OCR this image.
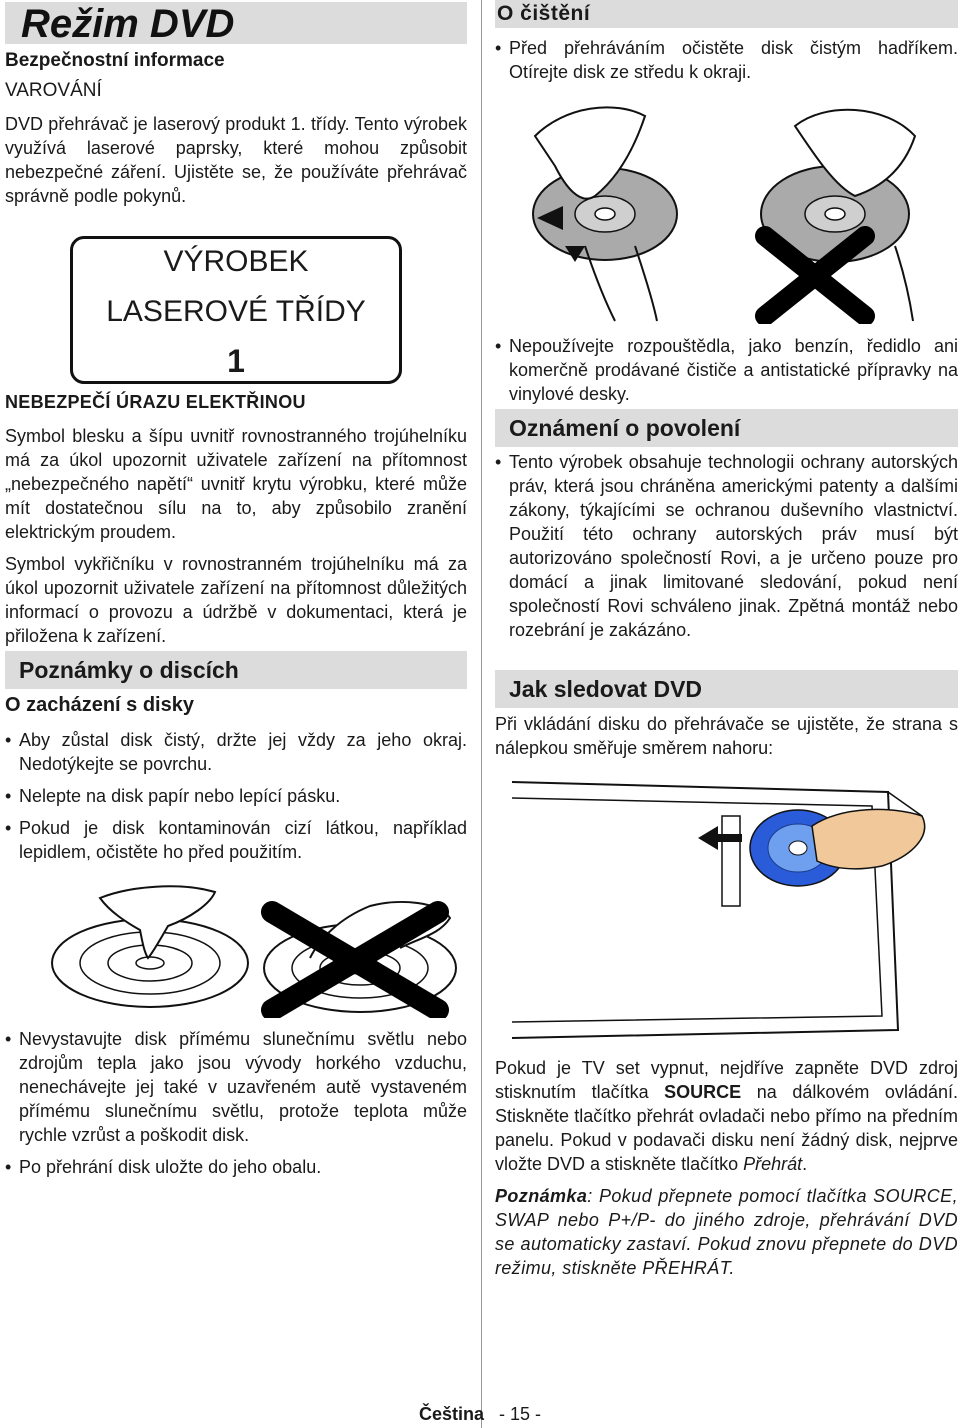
Režim DVD
Bezpečnostní informace
VAROVÁNÍ

DVD přehrávač je laserový produkt 1. třídy. Tento výrobek využívá laserové paprsky, které mohou způsobit nebezpečné záření. Ujistěte se, že používáte přehrávač správně podle pokynů.

VÝROBEK
LASEROVÉ TŘÍDY
1
NEBEZPEČÍ ÚRAZU ELEKTŘINOU

Symbol blesku a šípu uvnitř rovnostranného trojúhelníku má za úkol upozornit uživatele zařízení na přítomnost „nebezpečného napětí“ uvnitř krytu výrobku, které může mít dostatečnou sílu na to, aby způsobilo zranění elektrickým proudem.

Symbol vykřičníku v rovnostranném trojúhelníku má za úkol upozornit uživatele zařízení na přítomnost důležitých informací o provozu a údržbě v dokumentaci, která je přiložena k zařízení.

Poznámky o discích
O zacházení s disky

• Aby zůstal disk čistý, držte jej vždy za jeho okraj. Nedotýkejte se povrchu.

• Nelepte na disk papír nebo lepící pásku.

• Pokud je disk kontaminován cizí látkou, například lepidlem, očistěte ho před použitím.

• Nevystavujte disk přímému slunečnímu světlu nebo zdrojům tepla jako jsou vývody horkého vzduchu, nenechávejte jej také v uzavřeném autě vystaveném přímému slunečnímu světlu, protože teplota může rychle vzrůst a poškodit disk.

• Po přehrání disk uložte do jeho obalu.

O čištění

• Před přehráváním očistěte disk čistým hadříkem. Otírejte disk ze středu k okraji.

• Nepoužívejte rozpouštědla, jako benzín, ředidlo ani komerčně prodávané čističe a antistatické přípravky na vinylové desky.

Oznámení o povolení

• Tento výrobek obsahuje technologii ochrany autorských práv, která jsou chráněna americkými patenty a dalšími zákony, týkajícími se ochranou duševního vlastnictví. Použití této ochrany autorských práv musí být autorizováno společností Rovi, a je určeno pouze pro domácí a jinak limitované sledování, pokud není společností Rovi schváleno jinak. Zpětná montáž nebo rozebrání je zakázáno.

Jak sledovat DVD

Při vkládání disku do přehrávače se ujistěte, že strana s nálepkou směřuje směrem nahoru:

Pokud je TV set vypnut, nejdříve zapněte DVD zdroj stisknutím tlačítka SOURCE na dálkovém ovládání. Stiskněte tlačítko přehrát ovladači nebo přímo na předním panelu. Pokud v podavači disku není žádný disk, nejprve vložte DVD a stiskněte tlačítko Přehrát.

Poznámka: Pokud přepnete pomocí tlačítka SOURCE, SWAP nebo P+/P- do jiného zdroje, přehrávání DVD se automaticky zastaví. Pokud znovu přepnete do DVD režimu, stiskněte PŘEHRÁT.

Čeština - 15 -
